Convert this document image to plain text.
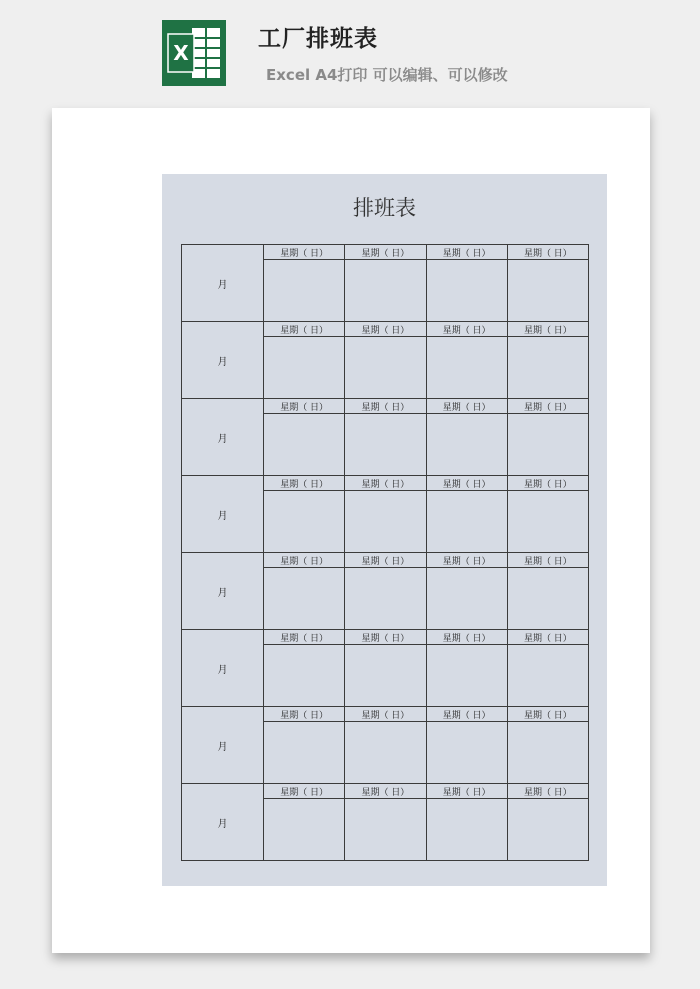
X
工厂排班表
Excel A4打印 可以编辑、可以修改
排班表
月	星期（ 日）	星期（ 日）	星期（ 日）	星期（ 日）

月	星期（ 日）	星期（ 日）	星期（ 日）	星期（ 日）

月	星期（ 日）	星期（ 日）	星期（ 日）	星期（ 日）

月	星期（ 日）	星期（ 日）	星期（ 日）	星期（ 日）

月	星期（ 日）	星期（ 日）	星期（ 日）	星期（ 日）

月	星期（ 日）	星期（ 日）	星期（ 日）	星期（ 日）

月	星期（ 日）	星期（ 日）	星期（ 日）	星期（ 日）

月	星期（ 日）	星期（ 日）	星期（ 日）	星期（ 日）
